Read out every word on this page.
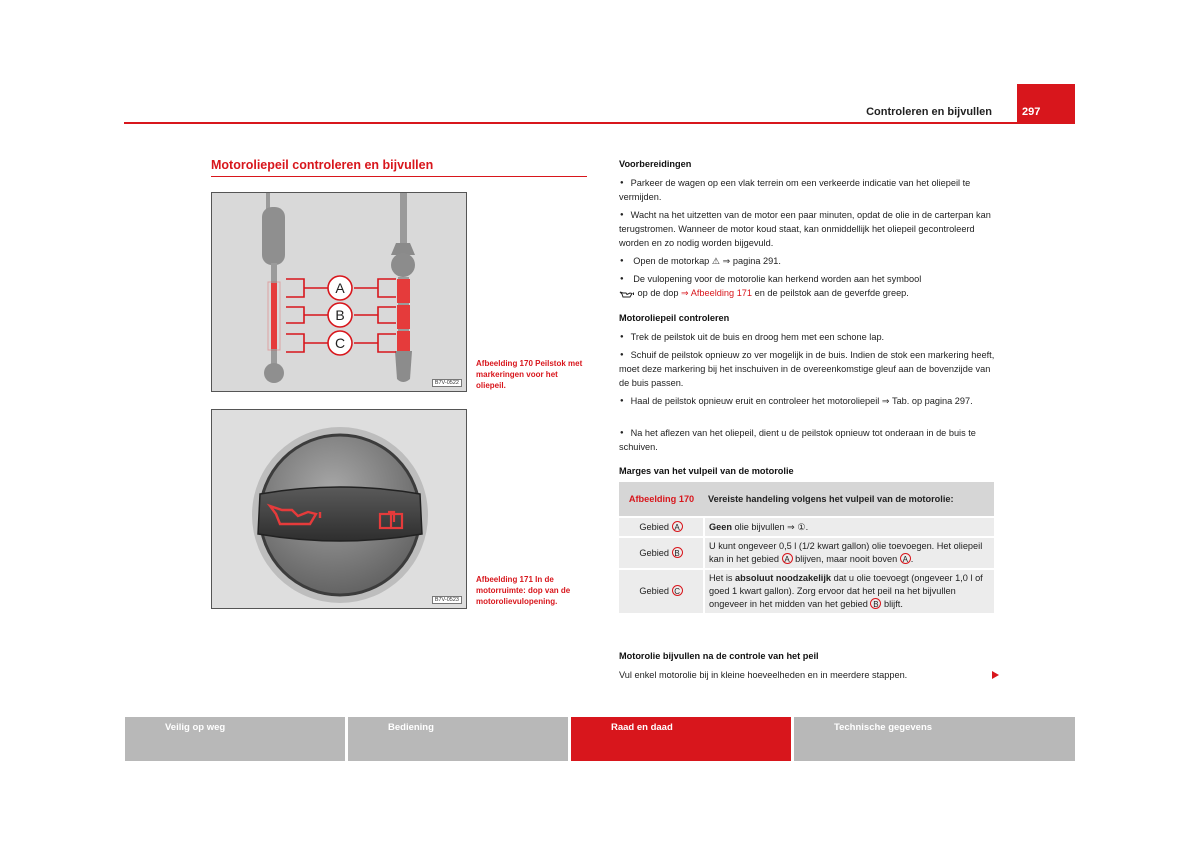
Controleren en bijvullen	297
Motoroliepeil controleren en bijvullen
A
B
C
B7V-0522
Afbeelding 170 Peilstok met markeringen voor het oliepeil.
B7V-0523
Afbeelding 171 In de motorruimte: dop van de motorolievulopening.
Voorbereidingen
● Parkeer de wagen op een vlak terrein om een verkeerde indicatie van het oliepeil te vermijden.
● Wacht na het uitzetten van de motor een paar minuten, opdat de olie in de carterpan kan terugstromen. Wanneer de motor koud staat, kan onmiddellijk het oliepeil gecontroleerd worden en zo nodig worden bijgevuld.
● Open de motorkap ⚠ ⇒ pagina 291.
● De vulopening voor de motorolie kan herkend worden aan het symbool

op de dop ⇒ Afbeelding 171 en de peilstok aan de geverfde greep.
Motoroliepeil controleren
● Trek de peilstok uit de buis en droog hem met een schone lap.
● Schuif de peilstok opnieuw zo ver mogelijk in de buis. Indien de stok een markering heeft, moet deze markering bij het inschuiven in de overeenkomstige gleuf aan de bovenzijde van de buis passen.
● Haal de peilstok opnieuw eruit en controleer het motoroliepeil ⇒ Tab. op pagina 297.
● Na het aflezen van het oliepeil, dient u de peilstok opnieuw tot onderaan in de buis te schuiven.
Marges van het vulpeil van de motorolie
Afbeelding 170	Vereiste handeling volgens het vulpeil van de motorolie:
Gebied A	Geen olie bijvullen ⇒ ①.
Gebied B	U kunt ongeveer 0,5 l (1/2 kwart gallon) olie toevoegen. Het oliepeil kan in het gebied A blijven, maar nooit boven A .
Gebied C	Het is absoluut noodzakelijk dat u olie toevoegt (ongeveer 1,0 l of goed 1 kwart gallon). Zorg ervoor dat het peil na het bijvullen ongeveer in het midden van het gebied B blijft.
Motorolie bijvullen na de controle van het peil
Vul enkel motorolie bij in kleine hoeveelheden en in meerdere stappen.
Veilig op weg	Bediening	Raad en daad	Technische gegevens
